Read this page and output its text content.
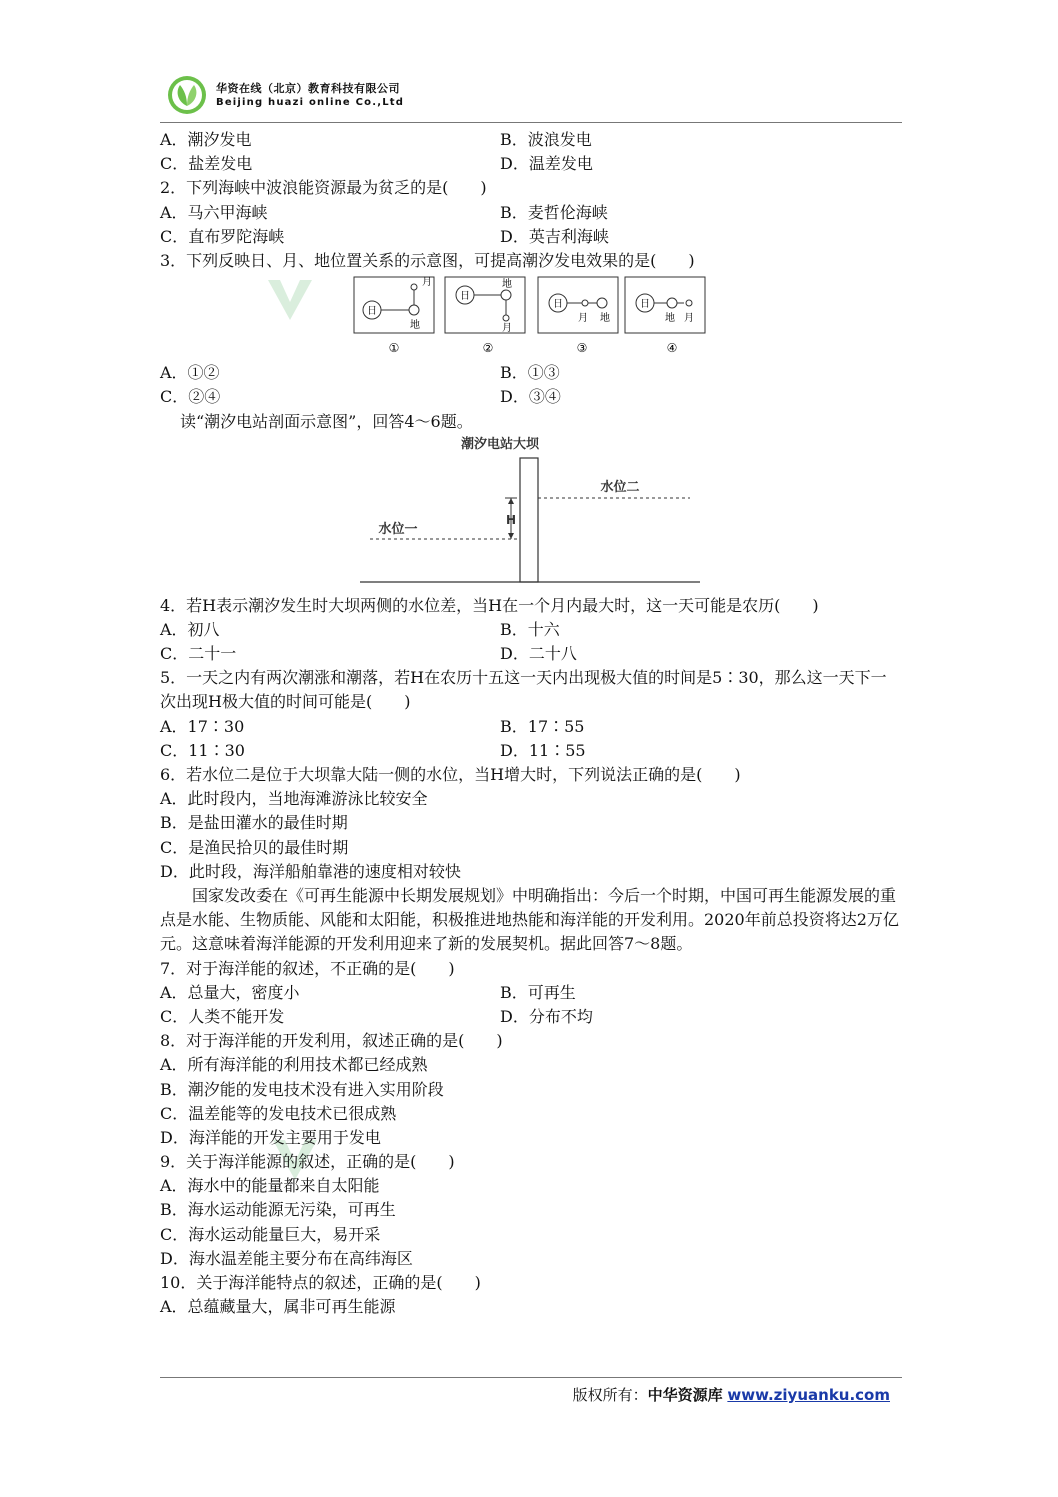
华资在线（北京）教育科技有限公司
Beijing huazi online Co.,Ltd
A．潮汐发电	B．波浪发电
C．盐差发电	D．温差发电
2．下列海峡中波浪能资源最为贫乏的是(　　)
A．马六甲海峡	B．麦哲伦海峡
C．直布罗陀海峡	D．英吉利海峡
3．下列反映日、月、地位置关系的示意图，可提高潮汐发电效果的是(　　)
日
月
地
①
日
地
月
②
日
月 地
③
日
地 月
④
A．①②	B．①③
C．②④	D．③④
读“潮汐电站剖面示意图”，回答4～6题。
潮汐电站大坝
水位二
水位一
H
4．若H表示潮汐发生时大坝两侧的水位差，当H在一个月内最大时，这一天可能是农历(　　)
A．初八	B．十六
C．二十一	D．二十八
5．一天之内有两次潮涨和潮落，若H在农历十五这一天内出现极大值的时间是5∶30，那么这一天下一次出现H极大值的时间可能是(　　)
A．17∶30	B．17∶55
C．11∶30	D．11∶55
6．若水位二是位于大坝靠大陆一侧的水位，当H增大时，下列说法正确的是(　　)
A．此时段内，当地海滩游泳比较安全
B．是盐田灌水的最佳时期
C．是渔民拾贝的最佳时期
D．此时段，海洋船舶靠港的速度相对较快
国家发改委在《可再生能源中长期发展规划》中明确指出：今后一个时期，中国可再生能源发展的重点是水能、生物质能、风能和太阳能，积极推进地热能和海洋能的开发利用。2020年前总投资将达2万亿元。这意味着海洋能源的开发利用迎来了新的发展契机。据此回答7～8题。
7．对于海洋能的叙述，不正确的是(　　)
A．总量大，密度小	B．可再生
C．人类不能开发	D．分布不均
8．对于海洋能的开发利用，叙述正确的是(　　)
A．所有海洋能的利用技术都已经成熟
B．潮汐能的发电技术没有进入实用阶段
C．温差能等的发电技术已很成熟
D．海洋能的开发主要用于发电
9．关于海洋能源的叙述，正确的是(　　)
A．海水中的能量都来自太阳能
B．海水运动能源无污染，可再生
C．海水运动能量巨大，易开采
D．海水温差能主要分布在高纬海区
10．关于海洋能特点的叙述，正确的是(　　)
A．总蕴藏量大，属非可再生能源
版权所有：中华资源库 www.ziyuanku.com
